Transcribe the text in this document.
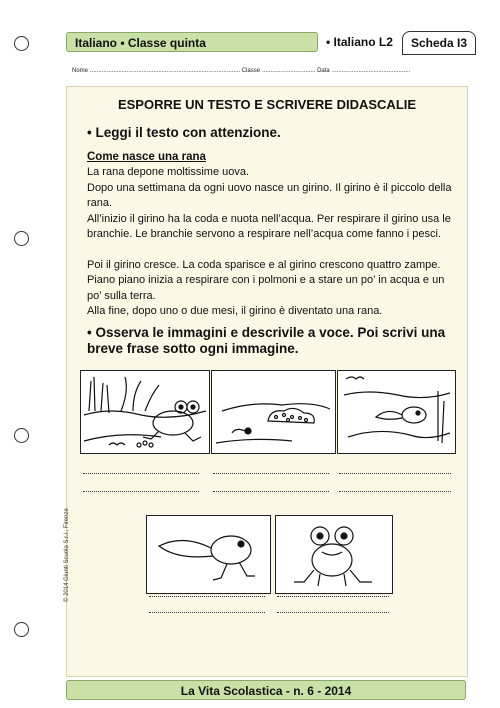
Italiano • Classe quinta	• Italiano L2	Scheda I3
Nome .......................................................................................... Classe ................................ Data ...............................................
ESPORRE UN TESTO E SCRIVERE DIDASCALIE
• Leggi il testo con attenzione.
Come nasce una rana
La rana depone moltissime uova.
Dopo una settimana da ogni uovo nasce un girino. Il girino è il piccolo della rana.
All’inizio il girino ha la coda e nuota nell’acqua. Per respirare il girino usa le branchie. Le branchie servono a respirare nell’acqua come fanno i pesci.
Poi il girino cresce. La coda sparisce e al girino crescono quattro zampe. Piano piano inizia a respirare con i polmoni e a stare un po’ in acqua e un po’ sulla terra.
Alla fine, dopo uno o due mesi, il girino è diventato una rana.
• Osserva le immagini e descrivile a voce. Poi scrivi una breve frase sotto ogni immagine.
© 2014 Giunti Scuola S.r.l., Firenze
La Vita Scolastica - n. 6 - 2014
